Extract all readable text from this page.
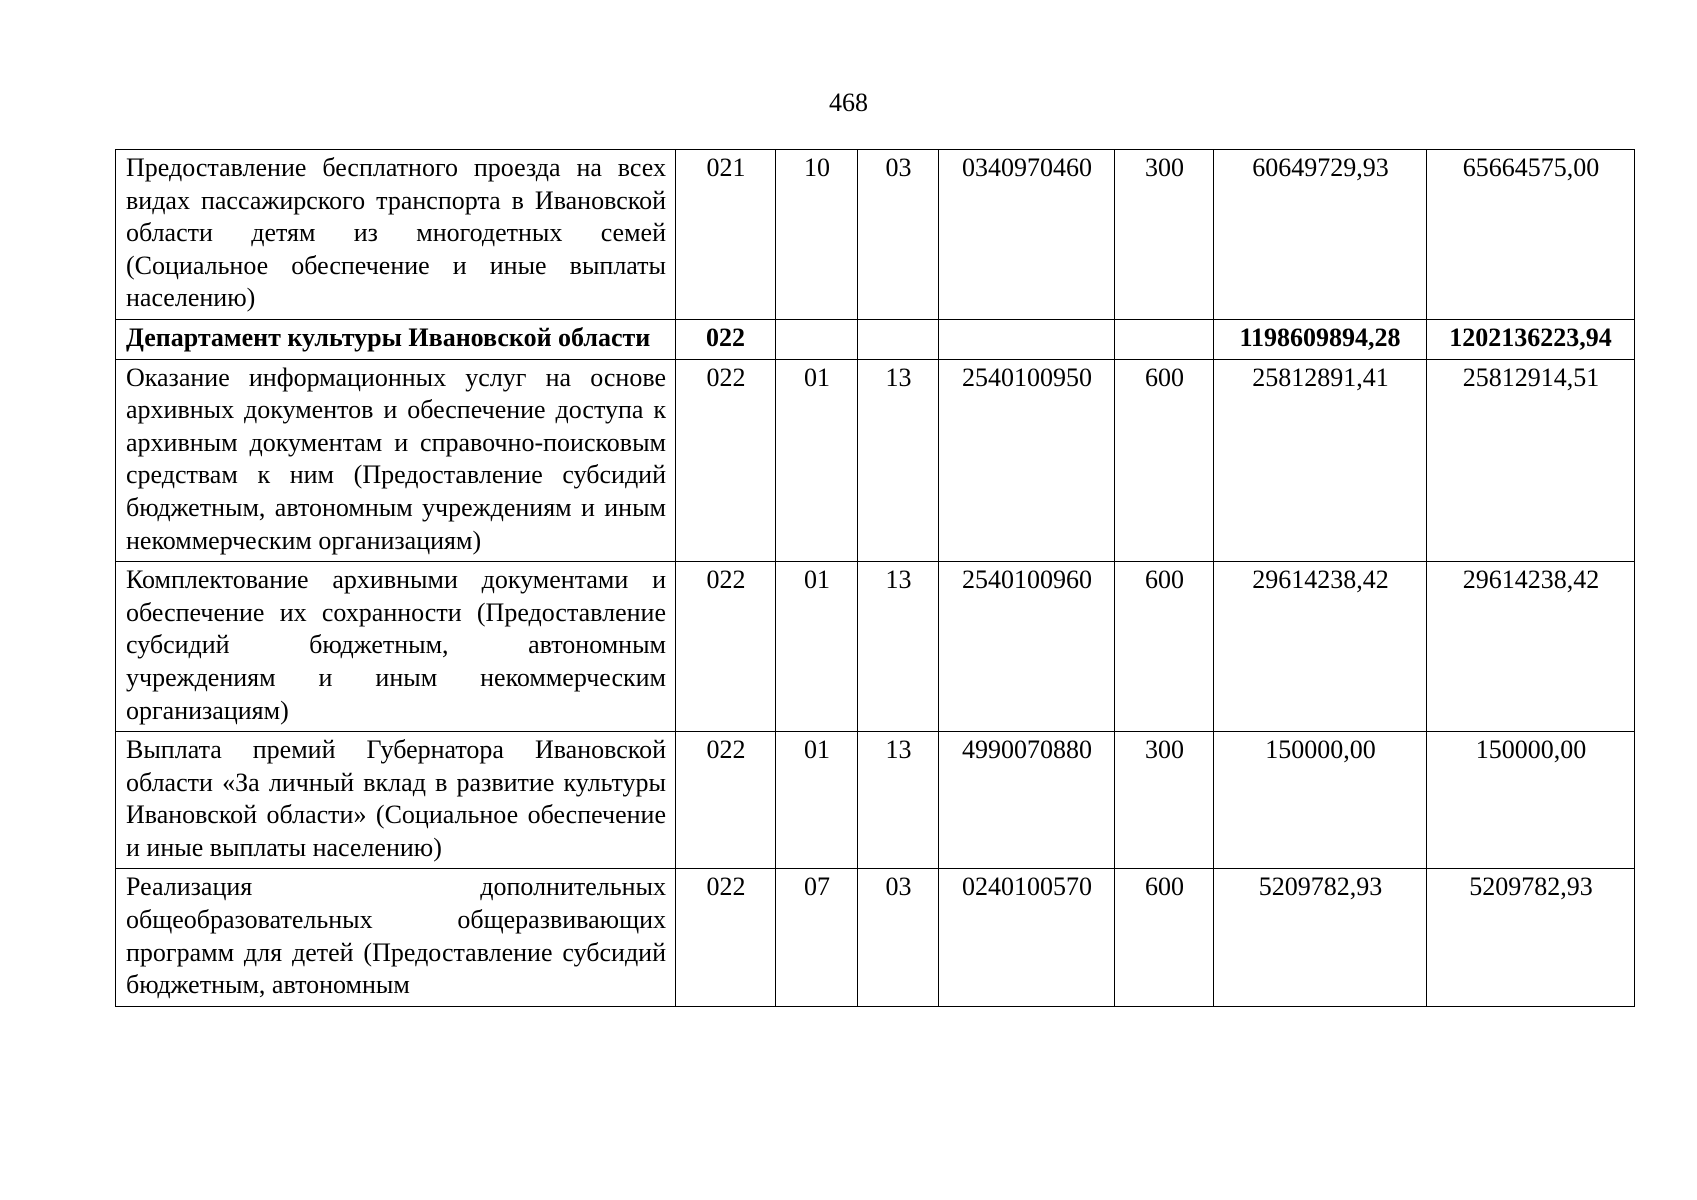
468
Предоставление бесплатного проезда на всех видах пассажирского транспорта в Ивановской области детям из многодетных семей (Социальное обеспечение и иные выплаты населению)	021	10	03	0340970460	300	60649729,93	65664575,00
Департамент культуры Ивановской области	022					1198609894,28	1202136223,94
Оказание информационных услуг на основе архивных документов и обеспечение доступа к архивным документам и справочно-поисковым средствам к ним (Предоставление субсидий бюджетным, автономным учреждениям и иным некоммерческим организациям)	022	01	13	2540100950	600	25812891,41	25812914,51
Комплектование архивными документами и обеспечение их сохранности (Предоставление субсидий бюджетным, автономным учреждениям и иным некоммерческим организациям)	022	01	13	2540100960	600	29614238,42	29614238,42
Выплата премий Губернатора Ивановской области «За личный вклад в развитие культуры Ивановской области» (Социальное обеспечение и иные выплаты населению)	022	01	13	4990070880	300	150000,00	150000,00
Реализация дополнительных общеобразовательных общеразвивающих программ для детей (Предоставление субсидий бюджетным, автономным	022	07	03	0240100570	600	5209782,93	5209782,93
